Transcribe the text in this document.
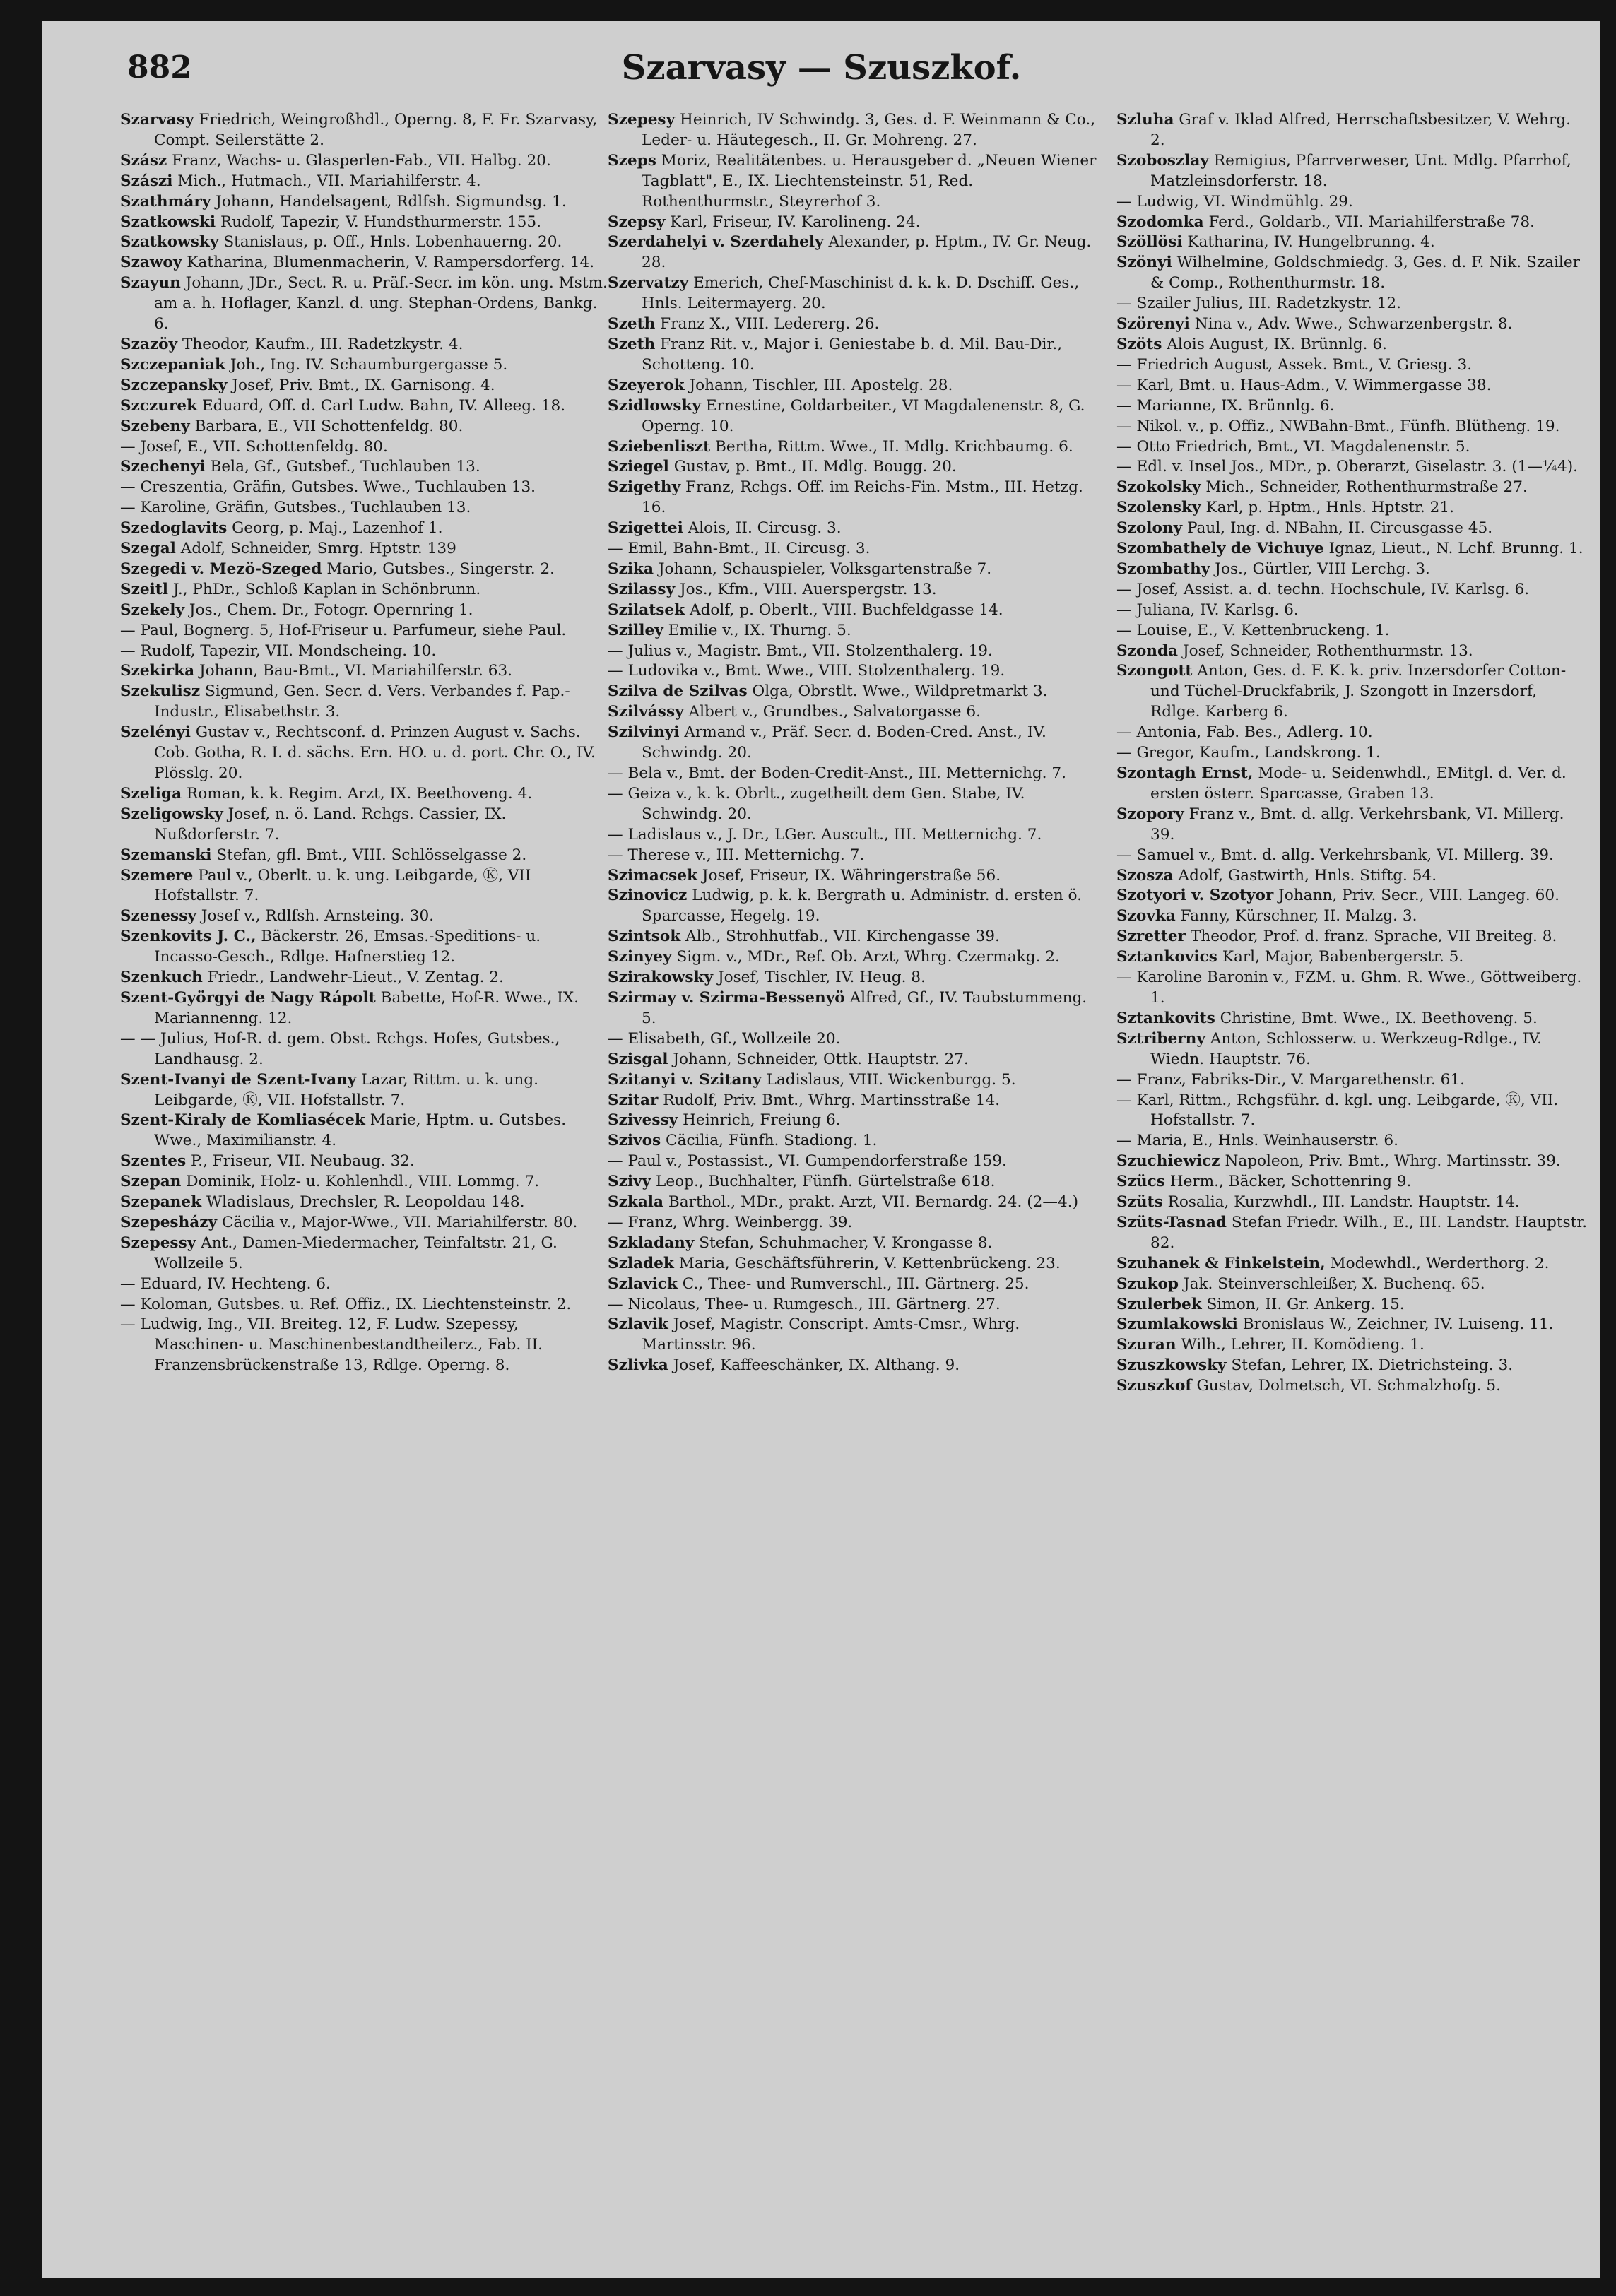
882	Szarvasy — Szuszkof.

Szarvasy Friedrich, Weingroßhdl., Operng. 8, F. Fr. Szarvasy, Compt. Seilerstätte 2.

Szász Franz, Wachs- u. Glasperlen-Fab., VII. Halbg. 20.

Szászi Mich., Hutmach., VII. Mariahilferstr. 4.

Szathmáry Johann, Handelsagent, Rdlfsh. Sigmundsg. 1.

Szatkowski Rudolf, Tapezir, V. Hundsthurmerstr. 155.

Szatkowsky Stanislaus, p. Off., Hnls. Lobenhauerng. 20.

Szawoy Katharina, Blumenmacherin, V. Rampersdorferg. 14.

Szayun Johann, JDr., Sect. R. u. Präf.-Secr. im kön. ung. Mstm. am a. h. Hoflager, Kanzl. d. ung. Stephan-Ordens, Bankg. 6.

Szazöy Theodor, Kaufm., III. Radetzkystr. 4.

Szczepaniak Joh., Ing. IV. Schaumburgergasse 5.

Szczepansky Josef, Priv. Bmt., IX. Garnisong. 4.

Szczurek Eduard, Off. d. Carl Ludw. Bahn, IV. Alleeg. 18.

Szebeny Barbara, E., VII Schottenfeldg. 80.

— Josef, E., VII. Schottenfeldg. 80.

Szechenyi Bela, Gf., Gutsbef., Tuchlauben 13.

— Creszentia, Gräfin, Gutsbes. Wwe., Tuchlauben 13.

— Karoline, Gräfin, Gutsbes., Tuchlauben 13.

Szedoglavits Georg, p. Maj., Lazenhof 1.

Szegal Adolf, Schneider, Smrg. Hptstr. 139

Szegedi v. Mezö-Szeged Mario, Gutsbes., Singerstr. 2.

Szeitl J., PhDr., Schloß Kaplan in Schönbrunn.

Szekely Jos., Chem. Dr., Fotogr. Opernring 1.

— Paul, Bognerg. 5, Hof-Friseur u. Parfumeur, siehe Paul.

— Rudolf, Tapezir, VII. Mondscheing. 10.

Szekirka Johann, Bau-Bmt., VI. Mariahilferstr. 63.

Szekulisz Sigmund, Gen. Secr. d. Vers. Verbandes f. Pap.-Industr., Elisabethstr. 3.

Szelényi Gustav v., Rechtsconf. d. Prinzen August v. Sachs. Cob. Gotha, R. I. d. sächs. Ern. HO. u. d. port. Chr. O., IV. Plösslg. 20.

Szeliga Roman, k. k. Regim. Arzt, IX. Beethoveng. 4.

Szeligowsky Josef, n. ö. Land. Rchgs. Cassier, IX. Nußdorferstr. 7.

Szemanski Stefan, gfl. Bmt., VIII. Schlösselgasse 2.

Szemere Paul v., Oberlt. u. k. ung. Leibgarde, Ⓚ, VII Hofstallstr. 7.

Szenessy Josef v., Rdlfsh. Arnsteing. 30.

Szenkovits J. C., Bäckerstr. 26, Emsas.-Speditions- u. Incasso-Gesch., Rdlge. Hafnerstieg 12.

Szenkuch Friedr., Landwehr-Lieut., V. Zentag. 2.

Szent-Györgyi de Nagy Rápolt Babette, Hof-R. Wwe., IX. Mariannenng. 12.

— — Julius, Hof-R. d. gem. Obst. Rchgs. Hofes, Gutsbes., Landhausg. 2.

Szent-Ivanyi de Szent-Ivany Lazar, Rittm. u. k. ung. Leibgarde, Ⓚ, VII. Hofstallstr. 7.

Szent-Kiraly de Komliasécek Marie, Hptm. u. Gutsbes. Wwe., Maximilianstr. 4.

Szentes P., Friseur, VII. Neubaug. 32.

Szepan Dominik, Holz- u. Kohlenhdl., VIII. Lommg. 7.

Szepanek Wladislaus, Drechsler, R. Leopoldau 148.

Szepesházy Cäcilia v., Major-Wwe., VII. Mariahilferstr. 80.

Szepessy Ant., Damen-Miedermacher, Teinfaltstr. 21, G. Wollzeile 5.

— Eduard, IV. Hechteng. 6.

— Koloman, Gutsbes. u. Ref. Offiz., IX. Liechtensteinstr. 2.

— Ludwig, Ing., VII. Breiteg. 12, F. Ludw. Szepessy, Maschinen- u. Maschinenbestandtheilerz., Fab. II. Franzensbrückenstraße 13, Rdlge. Operng. 8.

Szepesy Heinrich, IV Schwindg. 3, Ges. d. F. Weinmann & Co., Leder- u. Häutegesch., II. Gr. Mohreng. 27.

Szeps Moriz, Realitätenbes. u. Herausgeber d. „Neuen Wiener Tagblatt", E., IX. Liechtensteinstr. 51, Red. Rothenthurmstr., Steyrerhof 3.

Szepsy Karl, Friseur, IV. Karolineng. 24.

Szerdahelyi v. Szerdahely Alexander, p. Hptm., IV. Gr. Neug. 28.

Szervatzy Emerich, Chef-Maschinist d. k. k. D. Dschiff. Ges., Hnls. Leitermayerg. 20.

Szeth Franz X., VIII. Ledererg. 26.

Szeth Franz Rit. v., Major i. Geniestabe b. d. Mil. Bau-Dir., Schotteng. 10.

Szeyerok Johann, Tischler, III. Apostelg. 28.

Szidlowsky Ernestine, Goldarbeiter., VI Magdalenenstr. 8, G. Operng. 10.

Sziebenliszt Bertha, Rittm. Wwe., II. Mdlg. Krichbaumg. 6.

Sziegel Gustav, p. Bmt., II. Mdlg. Bougg. 20.

Szigethy Franz, Rchgs. Off. im Reichs-Fin. Mstm., III. Hetzg. 16.

Szigettei Alois, II. Circusg. 3.

— Emil, Bahn-Bmt., II. Circusg. 3.

Szika Johann, Schauspieler, Volksgartenstraße 7.

Szilassy Jos., Kfm., VIII. Auerspergstr. 13.

Szilatsek Adolf, p. Oberlt., VIII. Buchfeldgasse 14.

Szilley Emilie v., IX. Thurng. 5.

— Julius v., Magistr. Bmt., VII. Stolzenthalerg. 19.

— Ludovika v., Bmt. Wwe., VIII. Stolzenthalerg. 19.

Szilva de Szilvas Olga, Obrstlt. Wwe., Wildpretmarkt 3.

Szilvássy Albert v., Grundbes., Salvatorgasse 6.

Szilvinyi Armand v., Präf. Secr. d. Boden-Cred. Anst., IV. Schwindg. 20.

— Bela v., Bmt. der Boden-Credit-Anst., III. Metternichg. 7.

— Geiza v., k. k. Obrlt., zugetheilt dem Gen. Stabe, IV. Schwindg. 20.

— Ladislaus v., J. Dr., LGer. Auscult., III. Metternichg. 7.

— Therese v., III. Metternichg. 7.

Szimacsek Josef, Friseur, IX. Währingerstraße 56.

Szinovicz Ludwig, p. k. k. Bergrath u. Administr. d. ersten ö. Sparcasse, Hegelg. 19.

Szintsok Alb., Strohhutfab., VII. Kirchengasse 39.

Szinyey Sigm. v., MDr., Ref. Ob. Arzt, Whrg. Czermakg. 2.

Szirakowsky Josef, Tischler, IV. Heug. 8.

Szirmay v. Szirma-Bessenyö Alfred, Gf., IV. Taubstummeng. 5.

— Elisabeth, Gf., Wollzeile 20.

Szisgal Johann, Schneider, Ottk. Hauptstr. 27.

Szitanyi v. Szitany Ladislaus, VIII. Wickenburgg. 5.

Szitar Rudolf, Priv. Bmt., Whrg. Martinsstraße 14.

Szivessy Heinrich, Freiung 6.

Szivos Cäcilia, Fünfh. Stadiong. 1.

— Paul v., Postassist., VI. Gumpendorferstraße 159.

Szivy Leop., Buchhalter, Fünfh. Gürtelstraße 618.

Szkala Barthol., MDr., prakt. Arzt, VII. Bernardg. 24. (2—4.)

— Franz, Whrg. Weinbergg. 39.

Szkladany Stefan, Schuhmacher, V. Krongasse 8.

Szladek Maria, Geschäftsführerin, V. Kettenbrückeng. 23.

Szlavick C., Thee- und Rumverschl., III. Gärtnerg. 25.

— Nicolaus, Thee- u. Rumgesch., III. Gärtnerg. 27.

Szlavik Josef, Magistr. Conscript. Amts-Cmsr., Whrg. Martinsstr. 96.

Szlivka Josef, Kaffeeschänker, IX. Althang. 9.

Szluha Graf v. Iklad Alfred, Herrschaftsbesitzer, V. Wehrg. 2.

Szoboszlay Remigius, Pfarrverweser, Unt. Mdlg. Pfarrhof, Matzleinsdorferstr. 18.

— Ludwig, VI. Windmühlg. 29.

Szodomka Ferd., Goldarb., VII. Mariahilferstraße 78.

Szöllösi Katharina, IV. Hungelbrunng. 4.

Szönyi Wilhelmine, Goldschmiedg. 3, Ges. d. F. Nik. Szailer & Comp., Rothenthurmstr. 18.

— Szailer Julius, III. Radetzkystr. 12.

Szörenyi Nina v., Adv. Wwe., Schwarzenbergstr. 8.

Szöts Alois August, IX. Brünnlg. 6.

— Friedrich August, Assek. Bmt., V. Griesg. 3.

— Karl, Bmt. u. Haus-Adm., V. Wimmergasse 38.

— Marianne, IX. Brünnlg. 6.

— Nikol. v., p. Offiz., NWBahn-Bmt., Fünfh. Blütheng. 19.

— Otto Friedrich, Bmt., VI. Magdalenenstr. 5.

— Edl. v. Insel Jos., MDr., p. Oberarzt, Giselastr. 3. (1—¼4).

Szokolsky Mich., Schneider, Rothenthurmstraße 27.

Szolensky Karl, p. Hptm., Hnls. Hptstr. 21.

Szolony Paul, Ing. d. NBahn, II. Circusgasse 45.

Szombathely de Vichuye Ignaz, Lieut., N. Lchf. Brunng. 1.

Szombathy Jos., Gürtler, VIII Lerchg. 3.

— Josef, Assist. a. d. techn. Hochschule, IV. Karlsg. 6.

— Juliana, IV. Karlsg. 6.

— Louise, E., V. Kettenbruckeng. 1.

Szonda Josef, Schneider, Rothenthurmstr. 13.

Szongott Anton, Ges. d. F. K. k. priv. Inzersdorfer Cotton- und Tüchel-Druckfabrik, J. Szongott in Inzersdorf, Rdlge. Karberg 6.

— Antonia, Fab. Bes., Adlerg. 10.

— Gregor, Kaufm., Landskrong. 1.

Szontagh Ernst, Mode- u. Seidenwhdl., EMitgl. d. Ver. d. ersten österr. Sparcasse, Graben 13.

Szopory Franz v., Bmt. d. allg. Verkehrsbank, VI. Millerg. 39.

— Samuel v., Bmt. d. allg. Verkehrsbank, VI. Millerg. 39.

Szosza Adolf, Gastwirth, Hnls. Stiftg. 54.

Szotyori v. Szotyor Johann, Priv. Secr., VIII. Langeg. 60.

Szovka Fanny, Kürschner, II. Malzg. 3.

Szretter Theodor, Prof. d. franz. Sprache, VII Breiteg. 8.

Sztankovics Karl, Major, Babenbergerstr. 5.

— Karoline Baronin v., FZM. u. Ghm. R. Wwe., Göttweiberg. 1.

Sztankovits Christine, Bmt. Wwe., IX. Beethoveng. 5.

Sztriberny Anton, Schlosserw. u. Werkzeug-Rdlge., IV. Wiedn. Hauptstr. 76.

— Franz, Fabriks-Dir., V. Margarethenstr. 61.

— Karl, Rittm., Rchgsführ. d. kgl. ung. Leibgarde, Ⓚ, VII. Hofstallstr. 7.

— Maria, E., Hnls. Weinhauserstr. 6.

Szuchiewicz Napoleon, Priv. Bmt., Whrg. Martinsstr. 39.

Szücs Herm., Bäcker, Schottenring 9.

Szüts Rosalia, Kurzwhdl., III. Landstr. Hauptstr. 14.

Szüts-Tasnad Stefan Friedr. Wilh., E., III. Landstr. Hauptstr. 82.

Szuhanek & Finkelstein, Modewhdl., Werderthorg. 2.

Szukop Jak. Steinverschleißer, X. Buchenq. 65.

Szulerbek Simon, II. Gr. Ankerg. 15.

Szumlakowski Bronislaus W., Zeichner, IV. Luiseng. 11.

Szuran Wilh., Lehrer, II. Komödieng. 1.

Szuszkowsky Stefan, Lehrer, IX. Dietrichsteing. 3.

Szuszkof Gustav, Dolmetsch, VI. Schmalzhofg. 5.
